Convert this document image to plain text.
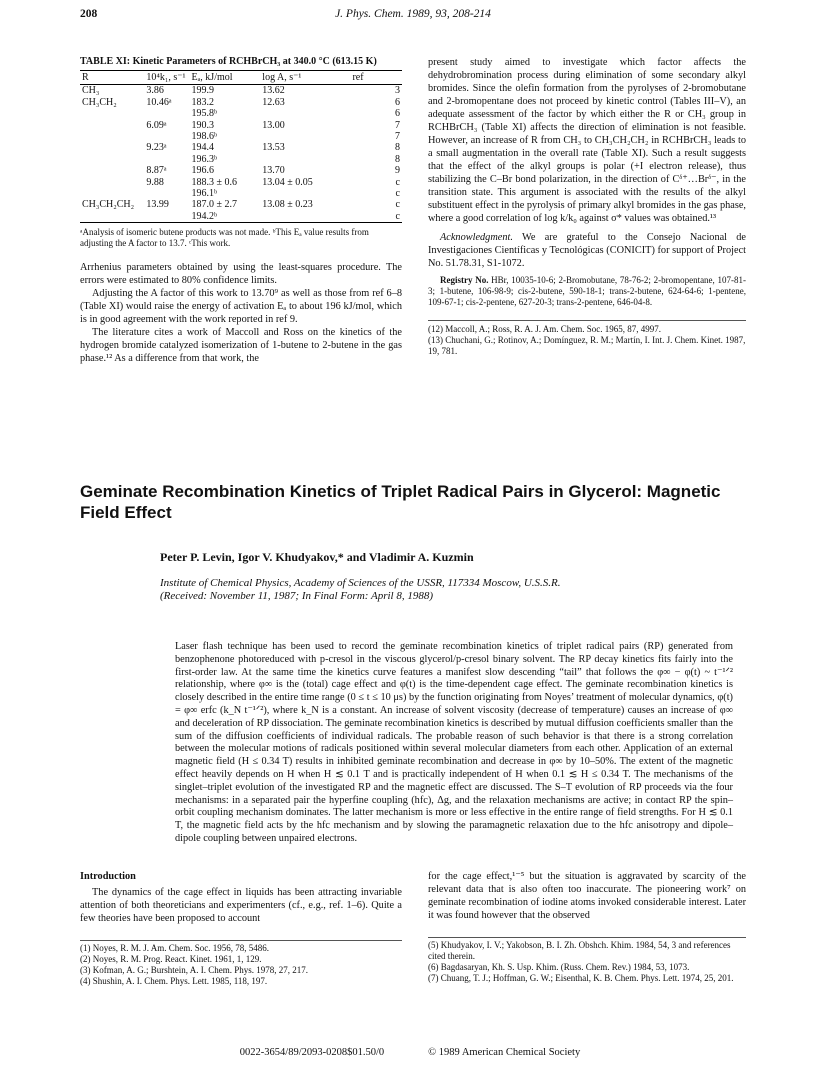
208	J. Phys. Chem. 1989, 93, 208-214
TABLE XI: Kinetic Parameters of RCHBrCH₃ at 340.0 °C (613.15 K)
R	10⁴k₁, s⁻¹	Eₐ, kJ/mol	log A, s⁻¹	ref
CH₃	3.86	199.9	13.62	3
CH₃CH₂	10.46ᵃ	183.2	12.63	6
		195.8ᵇ		6
	6.09ᵃ	190.3	13.00	7
		198.6ᵇ		7
	9.23ᵃ	194.4	13.53	8
		196.3ᵇ		8
	8.87ᵃ	196.6	13.70	9
	9.88	188.3 ± 0.6	13.04 ± 0.05	c
		196.1ᵇ		c
CH₃CH₂CH₂	13.99	187.0 ± 2.7	13.08 ± 0.23	c
		194.2ᵇ		c
ᵃAnalysis of isomeric butene products was not made. ᵇThis Eₐ value results from adjusting the A factor to 13.7. ᶜThis work.

Arrhenius parameters obtained by using the least-squares procedure. The errors were estimated to 80% confidence limits.

Adjusting the A factor of this work to 13.70⁹ as well as those from ref 6–8 (Table XI) would raise the energy of activation Eₐ to about 196 kJ/mol, which is in good agreement with the work reported in ref 9.

The literature cites a work of Maccoll and Ross on the kinetics of the hydrogen bromide catalyzed isomerization of 1-butene to 2-butene in the gas phase.¹² As a difference from that work, the

present study aimed to investigate which factor affects the dehydrobromination process during elimination of some secondary alkyl bromides. Since the olefin formation from the pyrolyses of 2-bromobutane and 2-bromopentane does not proceed by kinetic control (Tables III–V), an adequate assessment of the factor by which either the R or CH₃ group in RCHBrCH₃ (Table XI) affects the direction of elimination is not feasible. However, an increase of R from CH₃ to CH₃CH₂CH₂ in RCHBrCH₃ leads to a small augmentation in the overall rate (Table XI). Such a result suggests that the effect of the alkyl groups is polar (+I electron release), thus stabilizing the C–Br bond polarization, in the direction of Cᵟ⁺…Brᵟ⁻, in the transition state. This argument is associated with the results of the alkyl substituent effect in the pyrolysis of primary alkyl bromides in the gas phase, where a good correlation of log k/k₀ against σ* values was obtained.¹³

Acknowledgment. We are grateful to the Consejo Nacional de Investigaciones Científicas y Tecnológicas (CONICIT) for support of Project No. 51.78.31, S1-1072.

Registry No. HBr, 10035-10-6; 2-Bromobutane, 78-76-2; 2-bromopentane, 107-81-3; 1-butene, 106-98-9; cis-2-butene, 590-18-1; trans-2-butene, 624-64-6; 1-pentene, 109-67-1; cis-2-pentene, 627-20-3; trans-2-pentene, 646-04-8.

(12) Maccoll, A.; Ross, R. A. J. Am. Chem. Soc. 1965, 87, 4997.
(13) Chuchani, G.; Rotinov, A.; Domínguez, R. M.; Martín, I. Int. J. Chem. Kinet. 1987, 19, 781.
Geminate Recombination Kinetics of Triplet Radical Pairs in Glycerol: Magnetic Field Effect
Peter P. Levin, Igor V. Khudyakov,* and Vladimir A. Kuzmin
Institute of Chemical Physics, Academy of Sciences of the USSR, 117334 Moscow, U.S.S.R.
(Received: November 11, 1987; In Final Form: April 8, 1988)

Laser flash technique has been used to record the geminate recombination kinetics of triplet radical pairs (RP) generated from benzophenone photoreduced with p-cresol in the viscous glycerol/p-cresol binary solvent. The RP decay kinetics fits fairly into the first-order law. At the same time the kinetics curve features a manifest slow descending “tail” that follows the φ∞ − φ(t) ~ t⁻¹ᐟ² relationship, where φ∞ is the (total) cage effect and φ(t) is the time-dependent cage effect. The geminate recombination kinetics is closely described in the entire time range (0 ≤ t ≤ 10 μs) by the function originating from Noyes’ treatment of molecular dynamics, φ(t) = φ∞ erfc (k_N t⁻¹ᐟ²), where k_N is a constant. An increase of solvent viscosity (decrease of temperature) causes an increase of φ∞ and deceleration of RP dissociation. The geminate recombination kinetics is described by mutual diffusion coefficients smaller than the sum of the diffusion coefficients of individual radicals. The probable reason of such behavior is that there is a strong correlation between the molecular motions of radicals positioned within several molecular diameters from each other. Application of an external magnetic field (H ≤ 0.34 T) results in inhibited geminate recombination and decrease in φ∞ by 10–50%. The extent of the magnetic effect heavily depends on H when H ≲ 0.1 T and is practically independent of H when 0.1 ≲ H ≤ 0.34 T. The mechanisms of the singlet–triplet evolution of the investigated RP and the magnetic effect are discussed. The S–T evolution of RP proceeds via the four mechanisms: in a separated pair the hyperfine coupling (hfc), Δg, and the relaxation mechanisms are active; in contact RP the spin–orbit coupling mechanism dominates. The latter mechanism is more or less effective in the entire range of field strengths. For H ≲ 0.1 T, the magnetic field acts by the hfc mechanism and by slowing the paramagnetic relaxation due to the hfc anisotropy and dipole–dipole coupling between unpaired electrons.

Introduction

The dynamics of the cage effect in liquids has been attracting invariable attention of both theoreticians and experimenters (cf., e.g., ref. 1–6). Quite a few theories have been proposed to account

(1) Noyes, R. M. J. Am. Chem. Soc. 1956, 78, 5486.
(2) Noyes, R. M. Prog. React. Kinet. 1961, 1, 129.
(3) Kofman, A. G.; Burshtein, A. I. Chem. Phys. 1978, 27, 217.
(4) Shushin, A. I. Chem. Phys. Lett. 1985, 118, 197.

for the cage effect,¹⁻⁵ but the situation is aggravated by scarcity of the relevant data that is also often too inaccurate. The pioneering work⁷ on geminate recombination of iodine atoms invoked considerable interest. Later it was found however that the observed

(5) Khudyakov, I. V.; Yakobson, B. I. Zh. Obshch. Khim. 1984, 54, 3 and references cited therein.
(6) Bagdasaryan, Kh. S. Usp. Khim. (Russ. Chem. Rev.) 1984, 53, 1073.
(7) Chuang, T. J.; Hoffman, G. W.; Eisenthal, K. B. Chem. Phys. Lett. 1974, 25, 201.
0022-3654/89/2093-0208$01.50/0	© 1989 American Chemical Society
